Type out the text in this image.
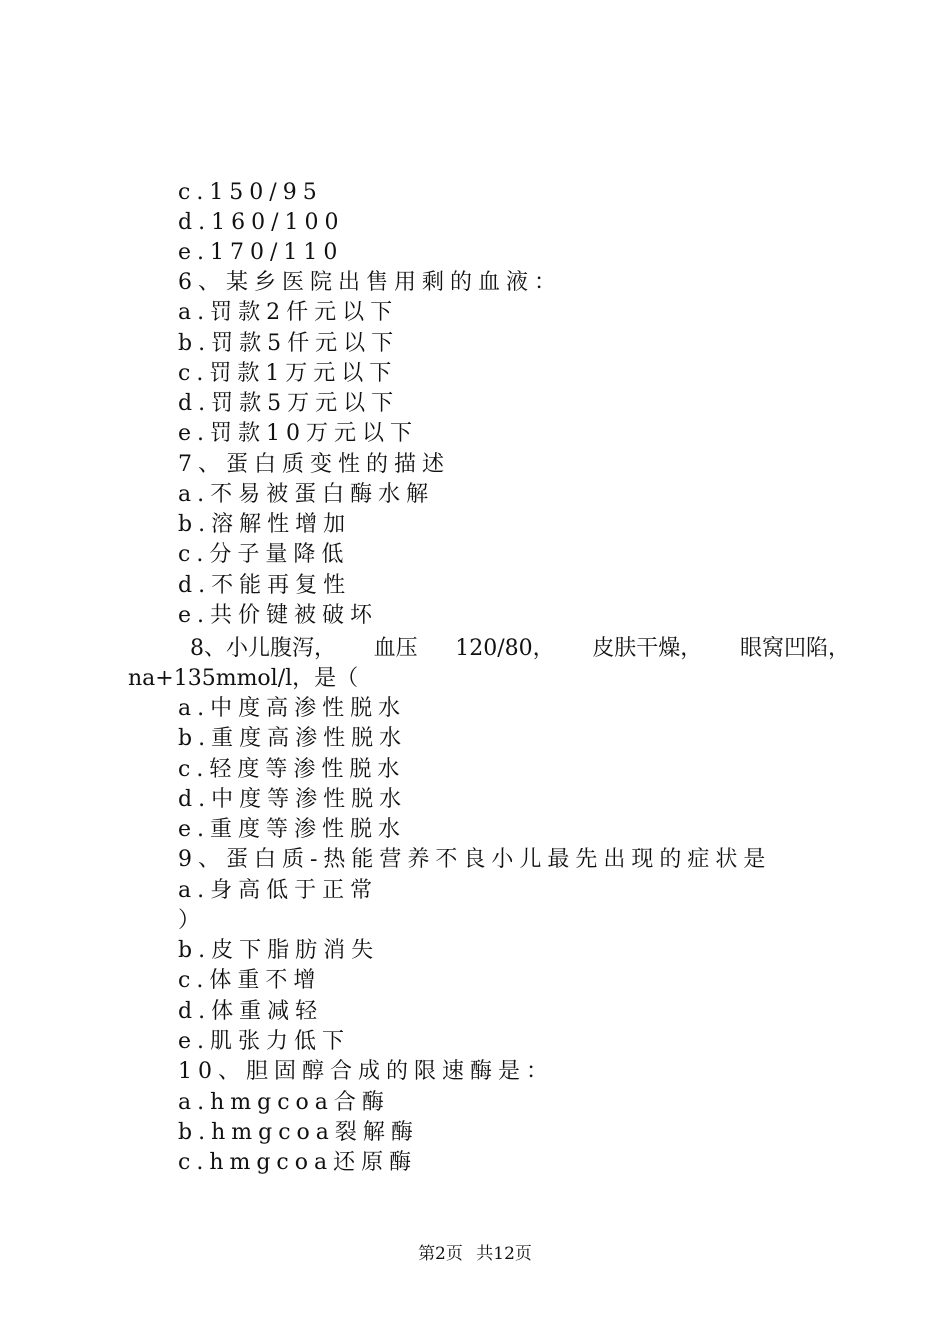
c.150/95
d.160/100
e.170/110
6、某乡医院出售用剩的血液：
a.罚款2仟元以下
b.罚款5仟元以下
c.罚款1万元以下
d.罚款5万元以下
e.罚款10万元以下
7、蛋白质变性的描述
a.不易被蛋白酶水解
b.溶解性增加
c.分子量降低
d.不能再复性
e.共价键被破坏
8、小儿腹泻， 血压 120/80， 皮肤干燥， 眼窝凹陷，
na+135mmol/l，是（
a.中度高渗性脱水
b.重度高渗性脱水
c.轻度等渗性脱水
d.中度等渗性脱水
e.重度等渗性脱水
9、蛋白质-热能营养不良小儿最先出现的症状是
a.身高低于正常
）
b.皮下脂肪消失
c.体重不增
d.体重减轻
e.肌张力低下
10、胆固醇合成的限速酶是：
a.hmgcoa合酶
b.hmgcoa裂解酶
c.hmgcoa还原酶
第2页 共12页
